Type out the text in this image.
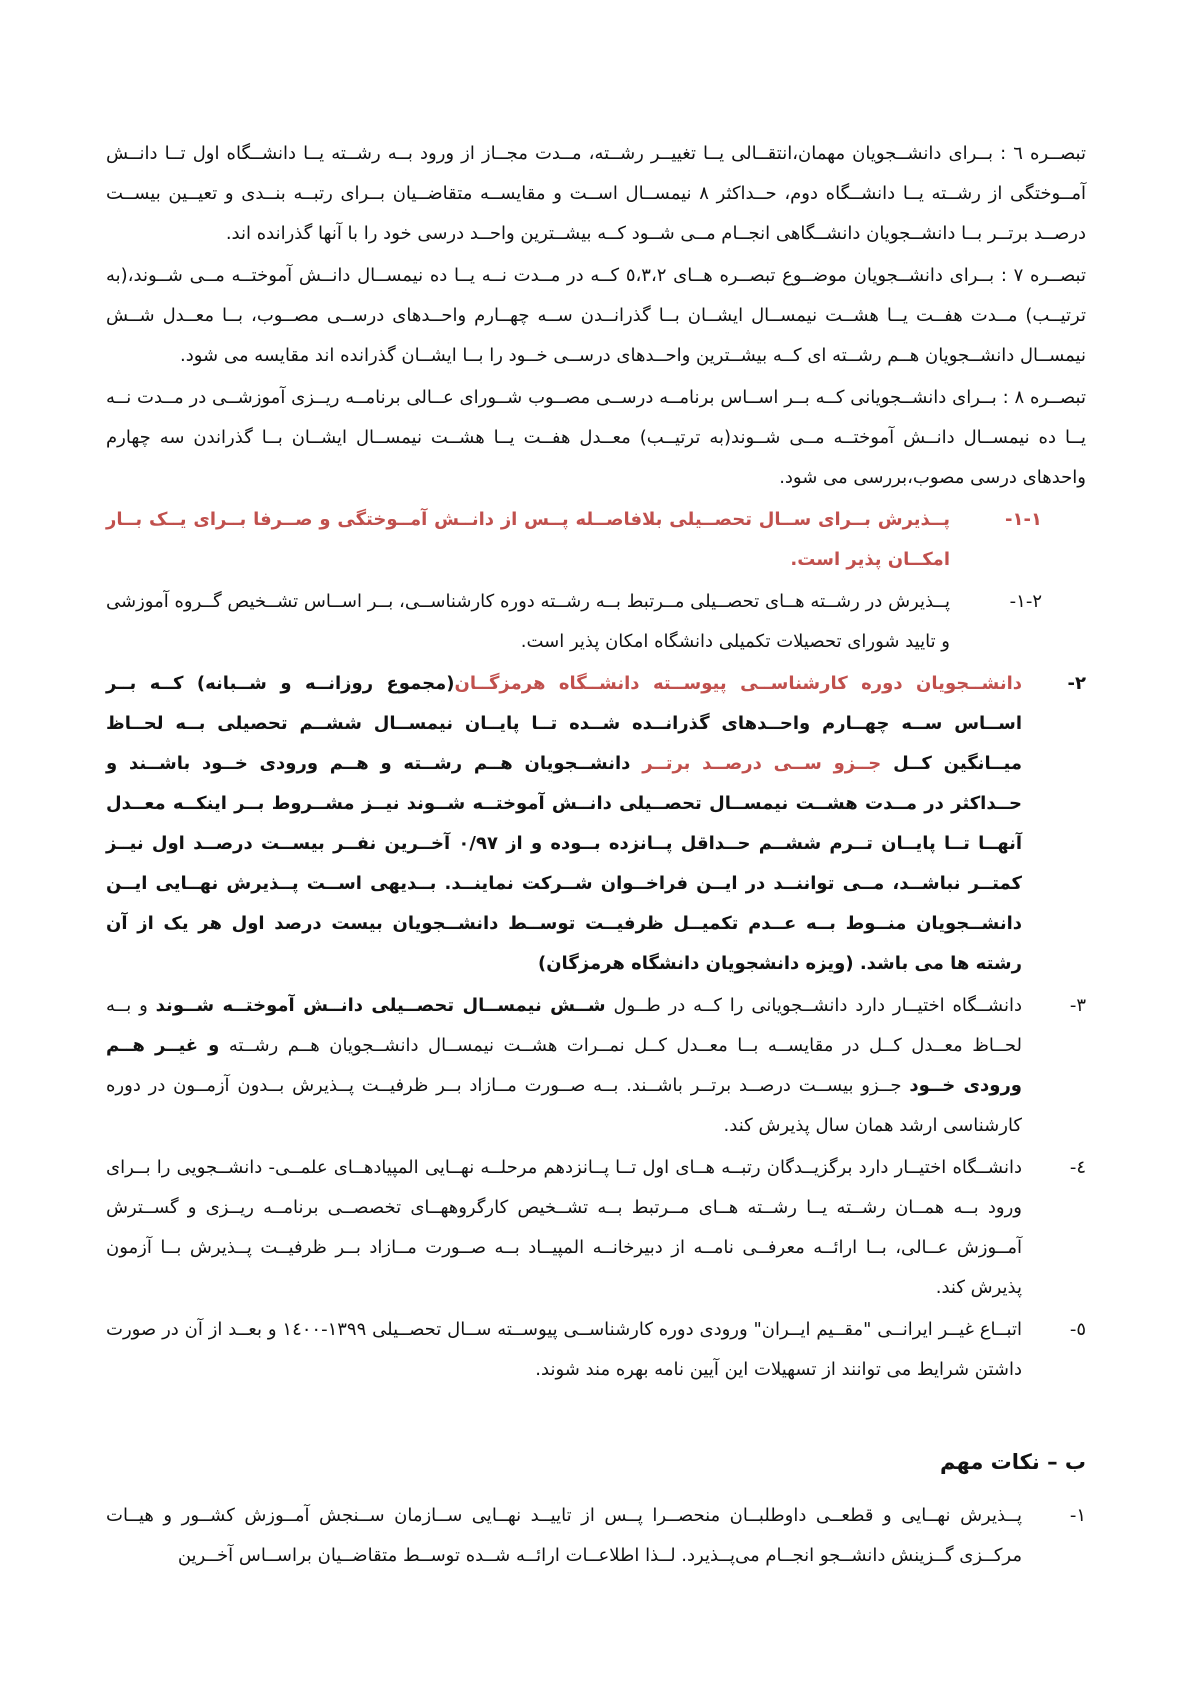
تبصــره ٦ : بــرای دانشــجویان مهمان،انتقــالی یــا تغییــر رشــته، مــدت مجــاز از ورود بــه رشــته یــا دانشــگاه اول تــا دانــش آمــوختگی از رشــته یــا دانشــگاه دوم، حــداکثر ٨ نیمســال اســت و مقایســه متقاضــیان بــرای رتبــه بنــدی و تعیــین بیســت درصــد برتــر بــا دانشــجویان دانشــگاهی انجــام مــی شــود کــه بیشــترین واحــد درسی خود را با آنها گذرانده اند.

تبصــره ٧ : بــرای دانشــجویان موضــوع تبصــره هــای ٥،٣،٢ کــه در مــدت نــه یــا ده نیمســال دانــش آموختــه مــی شــوند،(به ترتیــب) مــدت هفــت یــا هشــت نیمســال ایشــان بــا گذرانــدن ســه چهــارم واحــدهای درســی مصــوب، بــا معــدل شــش نیمســال دانشــجویان هــم رشــته ای کــه بیشــترین واحــدهای درســی خــود را بــا ایشــان گذرانده اند مقایسه می شود.

تبصــره ٨ : بــرای دانشــجویانی کــه بــر اســاس برنامــه درســی مصــوب شــورای عــالی برنامــه ریــزی آموزشــی در مــدت نــه یــا ده نیمســال دانــش آموختــه مــی شــوند(به ترتیــب) معــدل هفــت یــا هشــت نیمســال ایشــان بــا گذراندن سه چهارم واحدهای درسی مصوب،بررسی می شود.

١-١-
پــذیرش بــرای ســال تحصــیلی بلافاصــله پــس از دانــش آمــوختگی و صــرفا بــرای یــک بــار امکــان پذیر است.
٢-١-
پــذیرش در رشــته هــای تحصــیلی مــرتبط بــه رشــته دوره کارشناســی، بــر اســاس تشــخیص گــروه آموزشی و تایید شورای تحصیلات تکمیلی دانشگاه امکان پذیر است.
٢-
دانشــجویان دوره کارشناســی پیوســته دانشــگاه هرمزگــان(مجموع روزانــه و شــبانه) کــه بــر اســاس ســه چهــارم واحــدهای گذرانــده شــده تــا پایــان نیمســال ششــم تحصیلی بــه لحــاظ میــانگین کــل جــزو ســی درصــد برتــر دانشــجویان هــم رشــته و هــم ورودی خــود باشــند و حــداکثر در مــدت هشــت نیمســال تحصــیلی دانــش آموختــه شــوند نیــز مشــروط بــر اینکــه معــدل آنهــا تــا پایــان تــرم ششــم حــداقل پــانزده بــوده و از ٠/٩٧ آخــرین نفــر بیســت درصــد اول نیــز کمتــر نباشــد، مــی تواننــد در ایــن فراخــوان شــرکت نماینــد. بــدیهی اســت پــذیرش نهــایی ایــن دانشــجویان منــوط بــه عــدم تکمیــل ظرفیــت توســط دانشــجویان بیست درصد اول هر یک از آن رشته ها می باشد. (ویزه دانشجویان دانشگاه هرمزگان)
٣-
دانشــگاه اختیــار دارد دانشــجویانی را کــه در طــول شــش نیمســال تحصــیلی دانــش آموختــه شــوند و بــه لحــاظ معــدل کــل در مقایســه بــا معــدل کــل نمــرات هشــت نیمســال دانشــجویان هــم رشــته و غیــر هــم ورودی خــود جــزو بیســت درصــد برتــر باشــند. بــه صــورت مــازاد بــر ظرفیــت پــذیرش بــدون آزمــون در دوره کارشناسی ارشد همان سال پذیرش کند.
٤-
دانشــگاه اختیــار دارد برگزیــدگان رتبــه هــای اول تــا پــانزدهم مرحلــه نهــایی المپیادهــای علمــی- دانشــجویی را بــرای ورود بــه همــان رشــته یــا رشــته هــای مــرتبط بــه تشــخیص کارگروههــای تخصصــی برنامــه ریــزی و گســترش آمــوزش عــالی، بــا ارائــه معرفــی نامــه از دبیرخانــه المپیــاد بــه صــورت مــازاد بــر ظرفیــت پــذیرش بــا آزمون پذیرش کند.
٥-
اتبــاع غیــر ایرانــی "مقــیم ایــران" ورودی دوره کارشناســی پیوســته ســال تحصــیلی ١٣٩٩-١٤٠٠ و بعــد از آن در صورت داشتن شرایط می توانند از تسهیلات این آیین نامه بهره مند شوند.
ب – نکات مهم
١-
پــذیرش نهــایی و قطعــی داوطلبــان منحصــرا پــس از تاییــد نهــایی ســازمان ســنجش آمــوزش کشــور و هیــات مرکــزی گــزینش دانشــجو انجــام می‌پــذیرد. لــذا اطلاعــات ارائــه شــده توســط متقاضــیان براســاس آخــرین
